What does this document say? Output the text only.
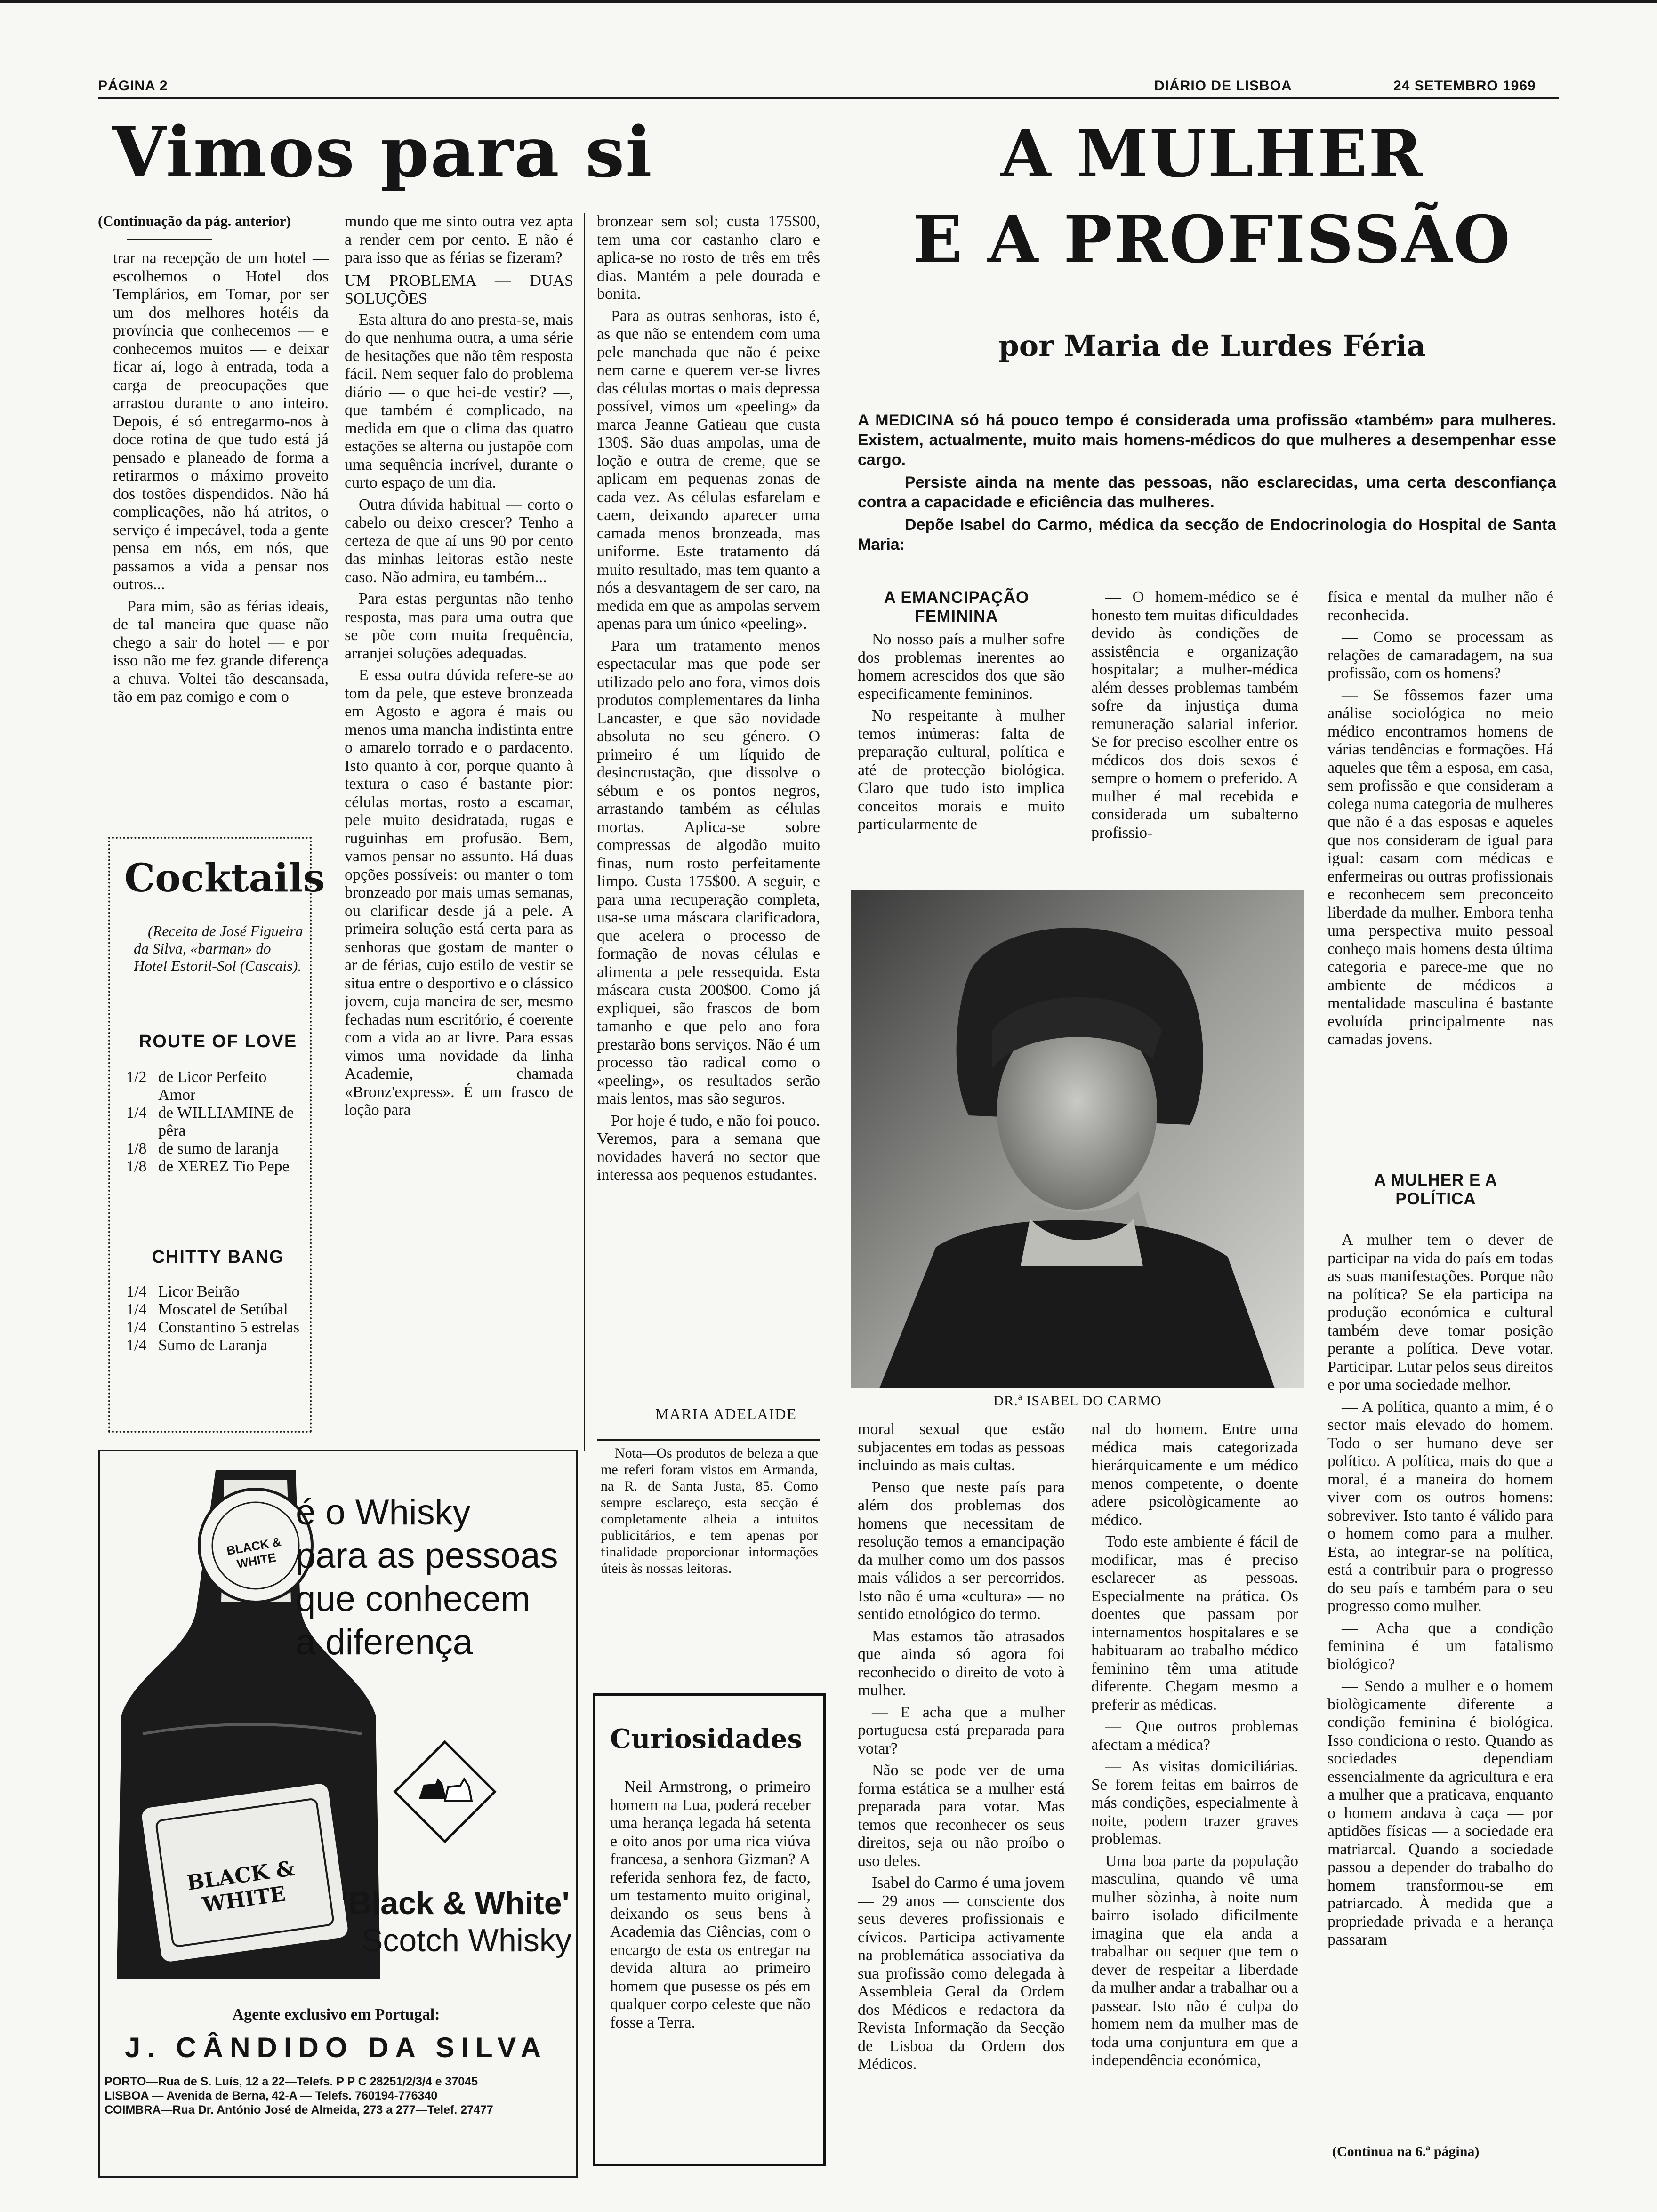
PÁGINA 2	DIÁRIO DE LISBOA	24 SETEMBRO 1969
Vimos para si
(Continuação da pág. anterior)

trar na recepção de um hotel — escolhemos o Hotel dos Templários, em Tomar, por ser um dos melhores hotéis da província que conhecemos — e conhecemos muitos — e deixar ficar aí, logo à entrada, toda a carga de preocupações que arrastou durante o ano inteiro. Depois, é só entregarmo-nos à doce rotina de que tudo está já pensado e planeado de forma a retirarmos o máximo proveito dos tostões dispendidos. Não há complicações, não há atritos, o serviço é impecável, toda a gente pensa em nós, em nós, que passamos a vida a pensar nos outros...

Para mim, são as férias ideais, de tal maneira que quase não chego a sair do hotel — e por isso não me fez grande diferença a chuva. Voltei tão descansada, tão em paz comigo e com o

mundo que me sinto outra vez apta a render cem por cento. E não é para isso que as férias se fizeram?

UM PROBLEMA — DUAS SOLUÇÕES

Esta altura do ano presta-se, mais do que nenhuma outra, a uma série de hesitações que não têm resposta fácil. Nem sequer falo do problema diário — o que hei-de vestir? —, que também é complicado, na medida em que o clima das quatro estações se alterna ou justapõe com uma sequência incrível, durante o curto espaço de um dia.

Outra dúvida habitual — corto o cabelo ou deixo crescer? Tenho a certeza de que aí uns 90 por cento das minhas leitoras estão neste caso. Não admira, eu também...

Para estas perguntas não tenho resposta, mas para uma outra que se põe com muita frequência, arranjei soluções adequadas.

E essa outra dúvida refere-se ao tom da pele, que esteve bronzeada em Agosto e agora é mais ou menos uma mancha indistinta entre o amarelo torrado e o pardacento. Isto quanto à cor, porque quanto à textura o caso é bastante pior: células mortas, rosto a escamar, pele muito desidratada, rugas e ruguinhas em profusão. Bem, vamos pensar no assunto. Há duas opções possíveis: ou manter o tom bronzeado por mais umas semanas, ou clarificar desde já a pele. A primeira solução está certa para as senhoras que gostam de manter o ar de férias, cujo estilo de vestir se situa entre o desportivo e o clássico jovem, cuja maneira de ser, mesmo fechadas num escritório, é coerente com a vida ao ar livre. Para essas vimos uma novidade da linha Academie, chamada «Bronz'express». É um frasco de loção para

bronzear sem sol; custa 175$00, tem uma cor castanho claro e aplica-se no rosto de três em três dias. Mantém a pele dourada e bonita.

Para as outras senhoras, isto é, as que não se entendem com uma pele manchada que não é peixe nem carne e querem ver-se livres das células mortas o mais depressa possível, vimos um «peeling» da marca Jeanne Gatieau que custa 130$. São duas ampolas, uma de loção e outra de creme, que se aplicam em pequenas zonas de cada vez. As células esfarelam e caem, deixando aparecer uma camada menos bronzeada, mas uniforme. Este tratamento dá muito resultado, mas tem quanto a nós a desvantagem de ser caro, na medida em que as ampolas servem apenas para um único «peeling».

Para um tratamento menos espectacular mas que pode ser utilizado pelo ano fora, vimos dois produtos complementares da linha Lancaster, e que são novidade absoluta no seu género. O primeiro é um líquido de desincrustação, que dissolve o sébum e os pontos negros, arrastando também as células mortas. Aplica-se sobre compressas de algodão muito finas, num rosto perfeitamente limpo. Custa 175$00. A seguir, e para uma recuperação completa, usa-se uma máscara clarificadora, que acelera o processo de formação de novas células e alimenta a pele ressequida. Esta máscara custa 200$00. Como já expliquei, são frascos de bom tamanho e que pelo ano fora prestarão bons serviços. Não é um processo tão radical como o «peeling», os resultados serão mais lentos, mas são seguros.

Por hoje é tudo, e não foi pouco. Veremos, para a semana que novidades haverá no sector que interessa aos pequenos estudantes.

MARIA ADELAIDE

Nota—Os produtos de beleza a que me referi foram vistos em Armanda, na R. de Santa Justa, 85. Como sempre esclareço, esta secção é completamente alheia a intuitos publicitários, e tem apenas por finalidade proporcionar informações úteis às nossas leitoras.

Cocktails

(Receita de José Figueira da Silva, «barman» do Hotel Estoril-Sol (Cascais).

ROUTE OF LOVE
1/2 de Licor Perfeito Amor
1/4 de WILLIAMINE de pêra
1/8 de sumo de laranja
1/8 de XEREZ Tio Pepe
CHITTY BANG
1/4 Licor Beirão
1/4 Moscatel de Setúbal
1/4 Constantino 5 estrelas
1/4 Sumo de Laranja
BLACK & WHITE
BLACK & WHITE
é o Whisky
para as pessoas
que conhecem
a diferença
'Black & White'
Scotch Whisky
Agente exclusivo em Portugal:
J. CÂNDIDO DA SILVA
PORTO—Rua de S. Luís, 12 a 22—Telefs. P P C 28251/2/3/4 e 37045
LISBOA — Avenida de Berna, 42-A — Telefs. 760194-776340
COIMBRA—Rua Dr. António José de Almeida, 273 a 277—Telef. 27477
Curiosidades

Neil Armstrong, o primeiro homem na Lua, poderá receber uma herança legada há setenta e oito anos por uma rica viúva francesa, a senhora Gizman? A referida senhora fez, de facto, um testamento muito original, deixando os seus bens à Academia das Ciências, com o encargo de esta os entregar na devida altura ao primeiro homem que pusesse os pés em qualquer corpo celeste que não fosse a Terra.

A MULHER
E A PROFISSÃO
por Maria de Lurdes Féria

A MEDICINA só há pouco tempo é considerada uma profissão «também» para mulheres. Existem, actualmente, muito mais homens-médicos do que mulheres a desempenhar esse cargo.

Persiste ainda na mente das pessoas, não esclarecidas, uma certa desconfiança contra a capacidade e eficiência das mulheres.

Depõe Isabel do Carmo, médica da secção de Endocrinologia do Hospital de Santa Maria:

A EMANCIPAÇÃO FEMININA

No nosso país a mulher sofre dos problemas inerentes ao homem acrescidos dos que são especificamente femininos.

No respeitante à mulher temos inúmeras: falta de preparação cultural, política e até de protecção biológica. Claro que tudo isto implica conceitos morais e muito particularmente de

— O homem-médico se é honesto tem muitas dificuldades devido às condições de assistência e organização hospitalar; a mulher-médica além desses problemas também sofre da injustiça duma remuneração salarial inferior. Se for preciso escolher entre os médicos dos dois sexos é sempre o homem o preferido. A mulher é mal recebida e considerada um subalterno profissio-

DR.ª ISABEL DO CARMO

moral sexual que estão subjacentes em todas as pessoas incluindo as mais cultas.

Penso que neste país para além dos problemas dos homens que necessitam de resolução temos a emancipação da mulher como um dos passos mais válidos a ser percorridos. Isto não é uma «cultura» — no sentido etnológico do termo.

Mas estamos tão atrasados que ainda só agora foi reconhecido o direito de voto à mulher.

— E acha que a mulher portuguesa está preparada para votar?

Não se pode ver de uma forma estática se a mulher está preparada para votar. Mas temos que reconhecer os seus direitos, seja ou não proíbo o uso deles.

Isabel do Carmo é uma jovem — 29 anos — consciente dos seus deveres profissionais e cívicos. Participa activamente na problemática associativa da sua profissão como delegada à Assembleia Geral da Ordem dos Médicos e redactora da Revista Informação da Secção de Lisboa da Ordem dos Médicos.

nal do homem. Entre uma médica mais categorizada hierárquicamente e um médico menos competente, o doente adere psicològicamente ao médico.

Todo este ambiente é fácil de modificar, mas é preciso esclarecer as pessoas. Especialmente na prática. Os doentes que passam por internamentos hospitalares e se habituaram ao trabalho médico feminino têm uma atitude diferente. Chegam mesmo a preferir as médicas.

— Que outros problemas afectam a médica?

— As visitas domiciliárias. Se forem feitas em bairros de más condições, especialmente à noite, podem trazer graves problemas.

Uma boa parte da população masculina, quando vê uma mulher sòzinha, à noite num bairro isolado dificilmente imagina que ela anda a trabalhar ou sequer que tem o dever de respeitar a liberdade da mulher andar a trabalhar ou a passear. Isto não é culpa do homem nem da mulher mas de toda uma conjuntura em que a independência económica,

física e mental da mulher não é reconhecida.

— Como se processam as relações de camaradagem, na sua profissão, com os homens?

— Se fôssemos fazer uma análise sociológica no meio médico encontramos homens de várias tendências e formações. Há aqueles que têm a esposa, em casa, sem profissão e que consideram a colega numa categoria de mulheres que não é a das esposas e aqueles que nos consideram de igual para igual: casam com médicas e enfermeiras ou outras profissionais e reconhecem sem preconceito liberdade da mulher. Embora tenha uma perspectiva muito pessoal conheço mais homens desta última categoria e parece-me que no ambiente de médicos a mentalidade masculina é bastante evoluída principalmente nas camadas jovens.

A MULHER E A POLÍTICA

A mulher tem o dever de participar na vida do país em todas as suas manifestações. Porque não na política? Se ela participa na produção económica e cultural também deve tomar posição perante a política. Deve votar. Participar. Lutar pelos seus direitos e por uma sociedade melhor.

— A política, quanto a mim, é o sector mais elevado do homem. Todo o ser humano deve ser político. A política, mais do que a moral, é a maneira do homem viver com os outros homens: sobreviver. Isto tanto é válido para o homem como para a mulher. Esta, ao integrar-se na política, está a contribuir para o progresso do seu país e também para o seu progresso como mulher.

— Acha que a condição feminina é um fatalismo biológico?

— Sendo a mulher e o homem biològicamente diferente a condição feminina é biológica. Isso condiciona o resto. Quando as sociedades dependiam essencialmente da agricultura e era a mulher que a praticava, enquanto o homem andava à caça — por aptidões físicas — a sociedade era matriarcal. Quando a sociedade passou a depender do trabalho do homem transformou-se em patriarcado. À medida que a propriedade privada e a herança passaram

(Continua na 6.ª página)
